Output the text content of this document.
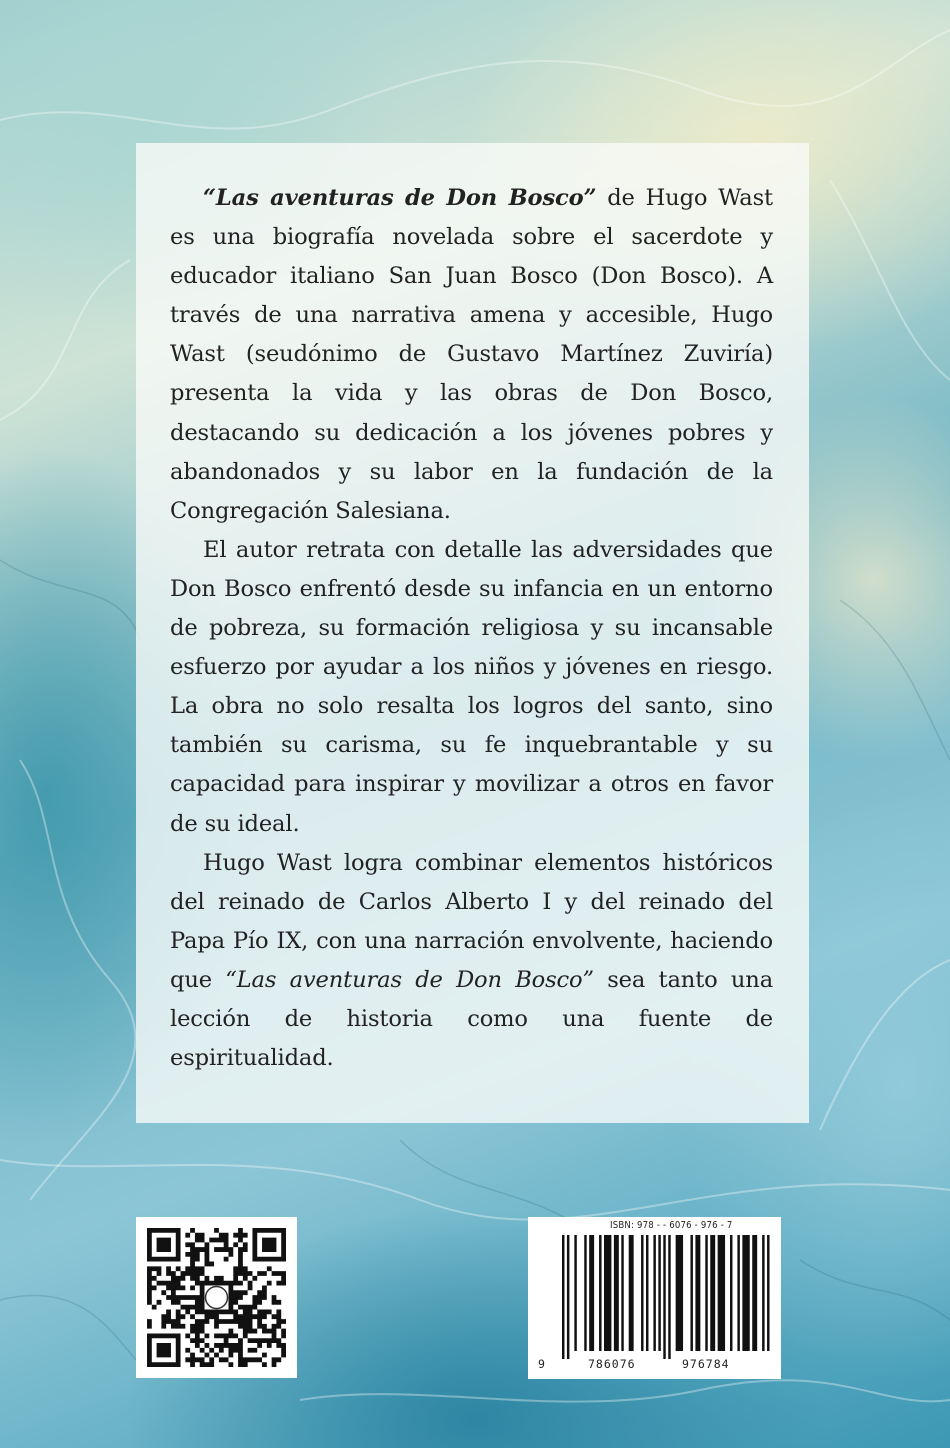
“Las aventuras de Don Bosco” de Hugo Wast es una biografía novelada sobre el sacerdote y educador italiano San Juan Bosco (Don Bosco). A través de una narrativa amena y accesible, Hugo Wast (seudónimo de Gustavo Martínez Zuviría) presenta la vida y las obras de Don Bosco, destacando su dedicación a los jóvenes pobres y abandonados y su labor en la fundación de la Congregación Salesiana.

El autor retrata con detalle las adversidades que Don Bosco enfrentó desde su infancia en un entorno de pobreza, su formación religiosa y su incansable esfuerzo por ayudar a los niños y jóvenes en riesgo. La obra no solo resalta los logros del santo, sino también su carisma, su fe inquebrantable y su capacidad para inspirar y movilizar a otros en favor de su ideal.

Hugo Wast logra combinar elementos históricos del reinado de Carlos Alberto I y del reinado del Papa Pío IX, con una narración envolvente, haciendo que “Las aventuras de Don Bosco” sea tanto una lección de historia como una fuente de espiritualidad.

ISBN: 978 - - 6076 - 976 - 7
9	786076	976784
